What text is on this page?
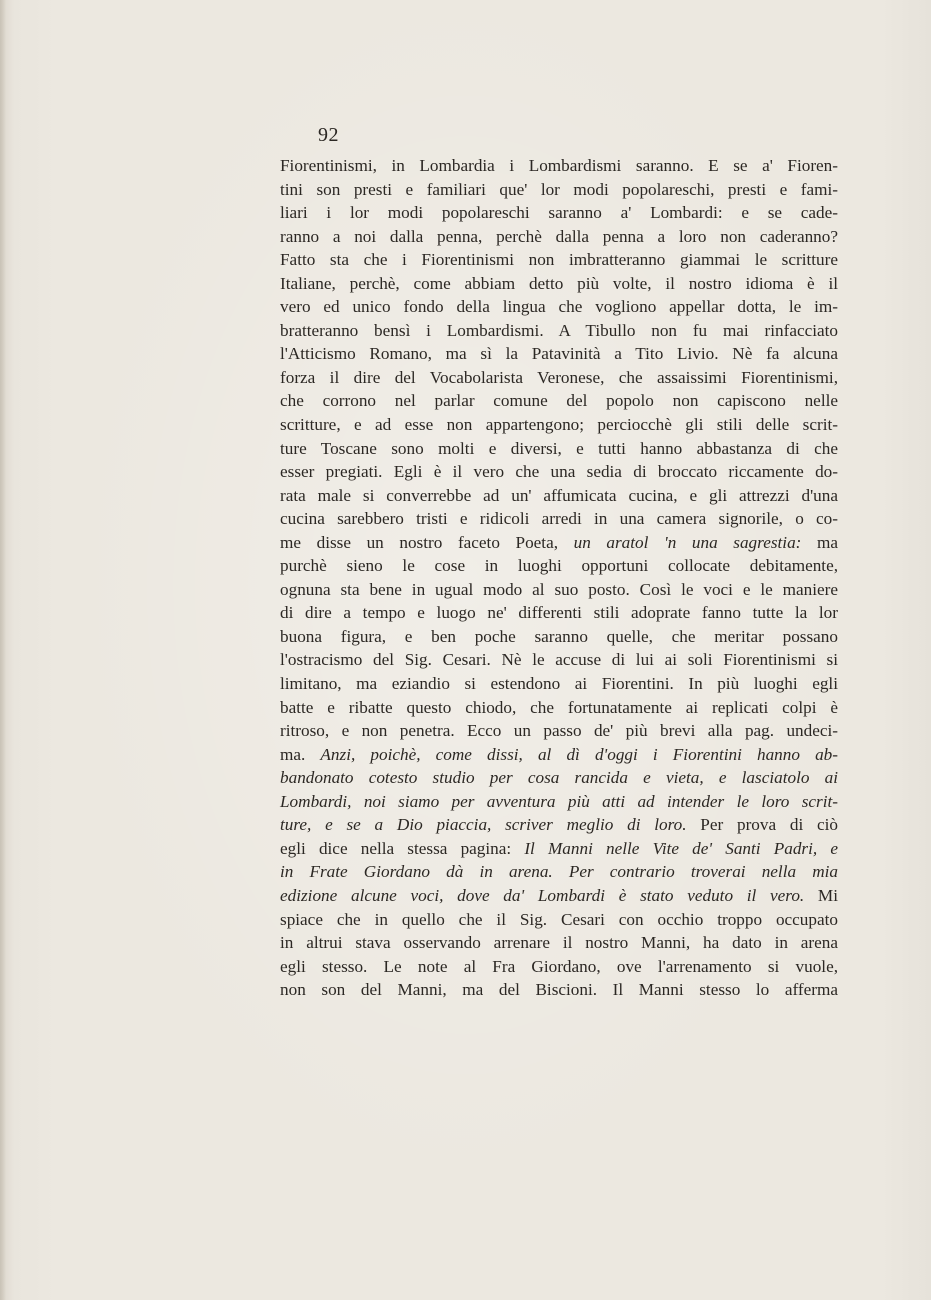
92
Fiorentinismi, in Lombardia i Lombardismi saranno. E se a' Fioren-
tini son presti e familiari que' lor modi popolareschi, presti e fami-
liari i lor modi popolareschi saranno a' Lombardi: e se cade-
ranno a noi dalla penna, perchè dalla penna a loro non caderanno?
Fatto sta che i Fiorentinismi non imbratteranno giammai le scritture
Italiane, perchè, come abbiam detto più volte, il nostro idioma è il
vero ed unico fondo della lingua che vogliono appellar dotta, le im-
bratteranno bensì i Lombardismi. A Tibullo non fu mai rinfacciato
l'Atticismo Romano, ma sì la Patavinità a Tito Livio. Nè fa alcuna
forza il dire del Vocabolarista Veronese, che assaissimi Fiorentinismi,
che corrono nel parlar comune del popolo non capiscono nelle
scritture, e ad esse non appartengono; perciocchè gli stili delle scrit-
ture Toscane sono molti e diversi, e tutti hanno abbastanza di che
esser pregiati. Egli è il vero che una sedia di broccato riccamente do-
rata male si converrebbe ad un' affumicata cucina, e gli attrezzi d'una
cucina sarebbero tristi e ridicoli arredi in una camera signorile, o co-
me disse un nostro faceto Poeta, un aratol 'n una sagrestia: ma
purchè sieno le cose in luoghi opportuni collocate debitamente,
ognuna sta bene in ugual modo al suo posto. Così le voci e le maniere
di dire a tempo e luogo ne' differenti stili adoprate fanno tutte la lor
buona figura, e ben poche saranno quelle, che meritar possano
l'ostracismo del Sig. Cesari. Nè le accuse di lui ai soli Fiorentinismi si
limitano, ma eziandio si estendono ai Fiorentini. In più luoghi egli
batte e ribatte questo chiodo, che fortunatamente ai replicati colpi è
ritroso, e non penetra. Ecco un passo de' più brevi alla pag. undeci-
ma. Anzi, poichè, come dissi, al dì d'oggi i Fiorentini hanno ab-
bandonato cotesto studio per cosa rancida e vieta, e lasciatolo ai
Lombardi, noi siamo per avventura più atti ad intender le loro scrit-
ture, e se a Dio piaccia, scriver meglio di loro. Per prova di ciò
egli dice nella stessa pagina: Il Manni nelle Vite de' Santi Padri, e
in Frate Giordano dà in arena. Per contrario troverai nella mia
edizione alcune voci, dove da' Lombardi è stato veduto il vero. Mi
spiace che in quello che il Sig. Cesari con occhio troppo occupato
in altrui stava osservando arrenare il nostro Manni, ha dato in arena
egli stesso. Le note al Fra Giordano, ove l'arrenamento si vuole,
non son del Manni, ma del Biscioni. Il Manni stesso lo afferma
